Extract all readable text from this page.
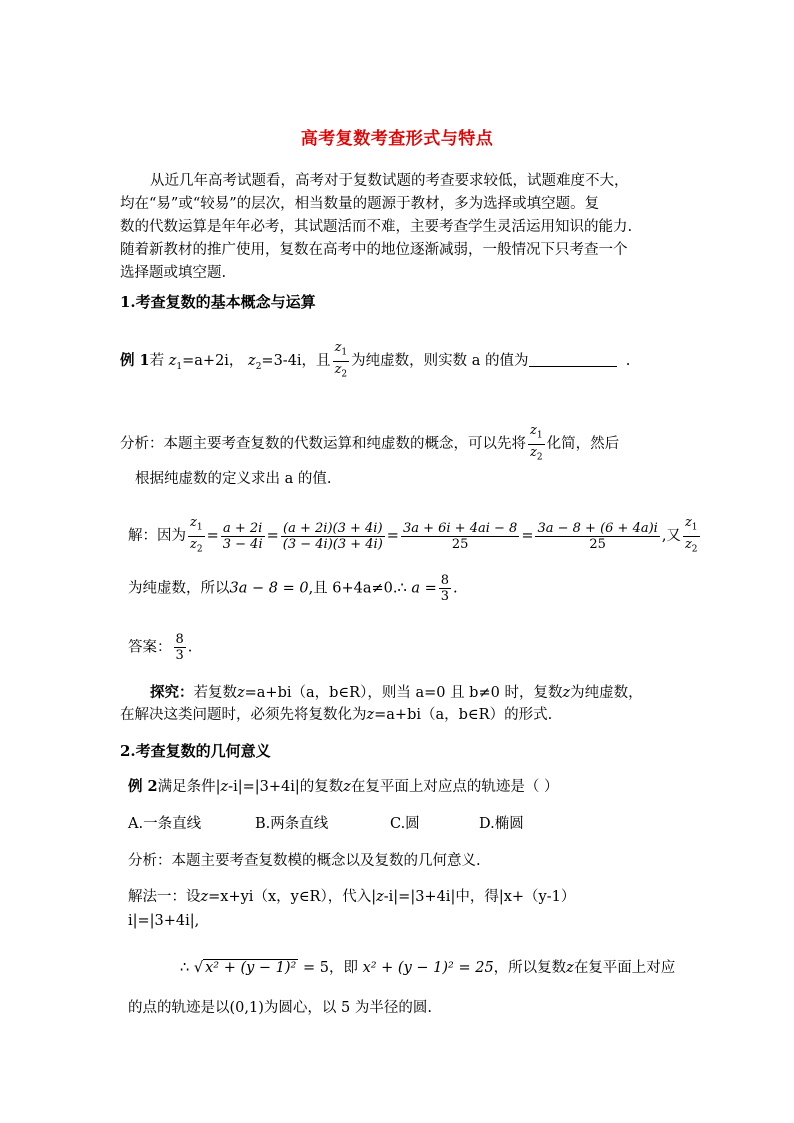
高考复数考查形式与特点
从近几年高考试题看，高考对于复数试题的考查要求较低，试题难度不大，
均在“易”或“较易”的层次，相当数量的题源于教材，多为选择或填空题。复
数的代数运算是年年必考，其试题活而不难，主要考查学生灵活运用知识的能力.
随着新教材的推广使用，复数在高考中的地位逐渐减弱，一般情况下只考查一个
选择题或填空题.
1.考查复数的基本概念与运算
例 1若 $z_1=a+2i$， $z_2=3-4i$，且 $\frac{z_1}{z_2}$ 为纯虚数，则实数 a 的值为	.
分析：本题主要考查复数的代数运算和纯虚数的概念，可以先将 $\frac{z_1}{z_2}$ 化简，然后
根据纯虚数的定义求出 a 的值.
解：因为 $\frac{z_1}{z_2} = \frac{a + 2i}{3 - 4i} = \frac{(a + 2i)(3 + 4i)}{(3 - 4i)(3 + 4i)} = \frac{3a + 6i + 4ai - 8}{25} = \frac{3a - 8 + (6 + 4a)i}{25}$ ,又 $\frac{z_1}{z_2}$
为纯虚数，所以3a − 8 = 0,且 6+4a≠0.∴ $a = \frac{8}{3}$ .
答案： $\frac{8}{3}$ .
探究：若复数z=a+bi（a，b∈R），则当 a=0 且 b≠0 时，复数z为纯虚数，
在解决这类问题时，必须先将复数化为z=a+bi（a，b∈R）的形式.
2.考查复数的几何意义
例 2满足条件|z-i|=|3+4i|的复数z在复平面上对应点的轨迹是（ ）
A.一条直线	B.两条直线	C.圆	D.椭圆
分析：本题主要考查复数模的概念以及复数的几何意义.
解法一：设z=x+yi（x，y∈R），代入|z-i|=|3+4i|中，得|x+（y-1）
i|=|3+4i|,
∴ √ x² + (y − 1)² = 5，即 x² + (y − 1)² = 25，所以复数z在复平面上对应
的点的轨迹是以(0,1)为圆心，以 5 为半径的圆.
